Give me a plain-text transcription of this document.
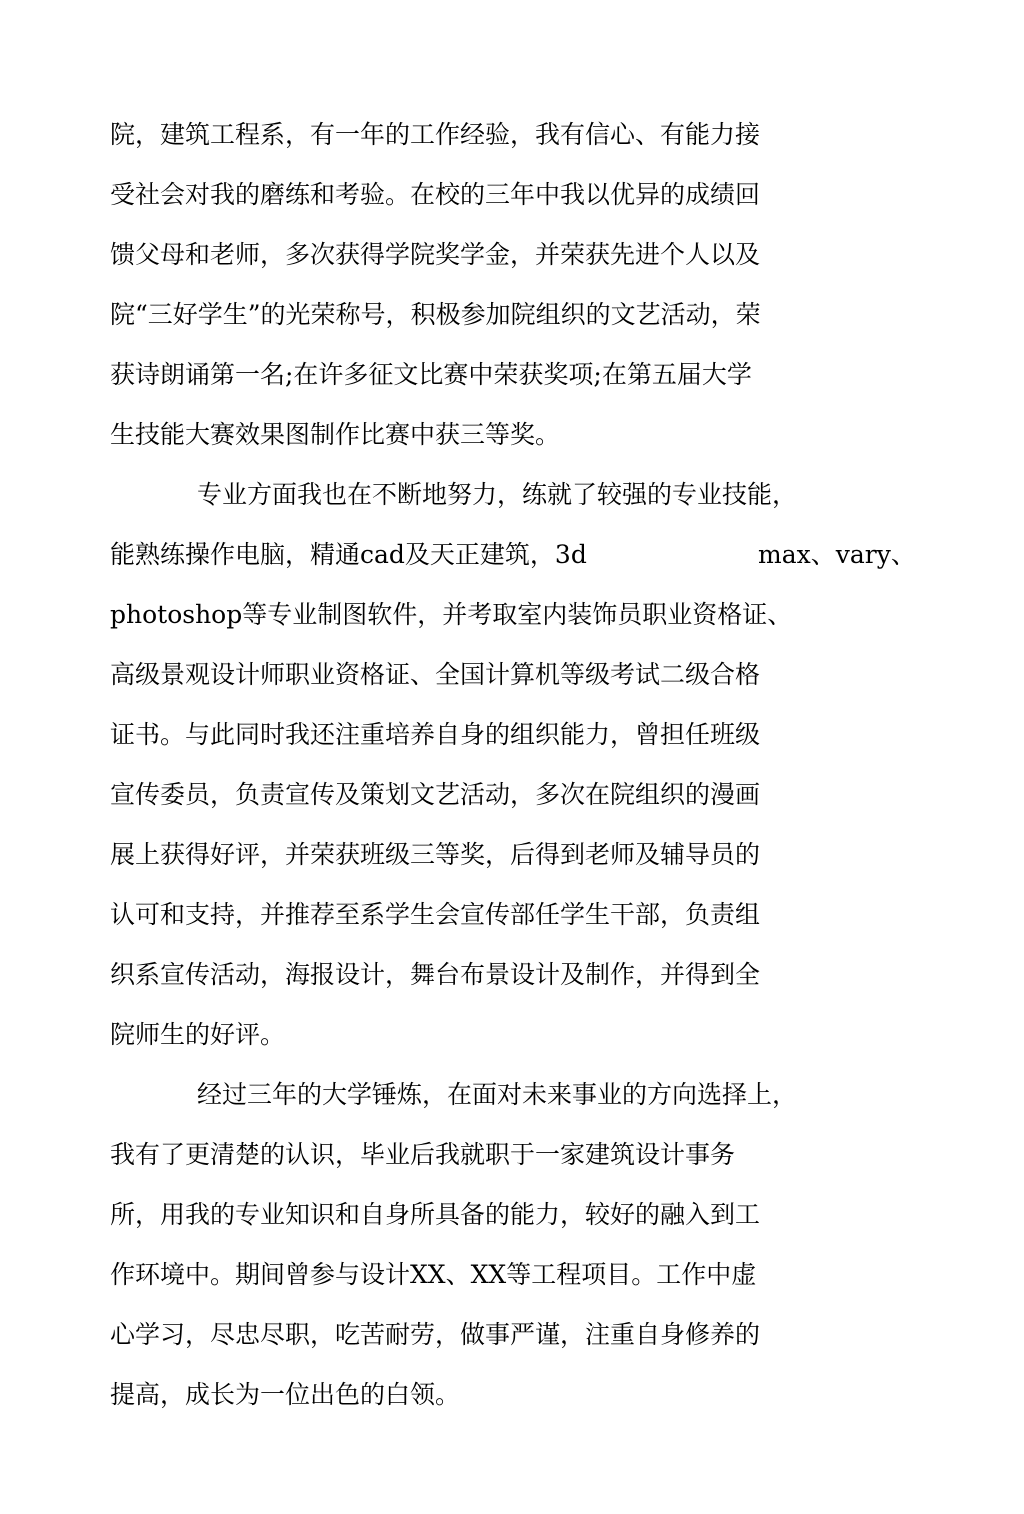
院，建筑工程系，有一年的工作经验，我有信心、有能力接
受社会对我的磨练和考验。在校的三年中我以优异的成绩回
馈父母和老师，多次获得学院奖学金，并荣获先进个人以及
院“三好学生”的光荣称号，积极参加院组织的文艺活动，荣
获诗朗诵第一名;在许多征文比赛中荣获奖项;在第五届大学
生技能大赛效果图制作比赛中获三等奖。
专业方面我也在不断地努力，练就了较强的专业技能，
能熟练操作电脑，精通cad及天正建筑，3d	max、vary、
photoshop等专业制图软件，并考取室内装饰员职业资格证、
高级景观设计师职业资格证、全国计算机等级考试二级合格
证书。与此同时我还注重培养自身的组织能力，曾担任班级
宣传委员，负责宣传及策划文艺活动，多次在院组织的漫画
展上获得好评，并荣获班级三等奖，后得到老师及辅导员的
认可和支持，并推荐至系学生会宣传部任学生干部，负责组
织系宣传活动，海报设计，舞台布景设计及制作，并得到全
院师生的好评。
经过三年的大学锤炼，在面对未来事业的方向选择上，
我有了更清楚的认识，毕业后我就职于一家建筑设计事务
所，用我的专业知识和自身所具备的能力，较好的融入到工
作环境中。期间曾参与设计XX、XX等工程项目。工作中虚
心学习，尽忠尽职，吃苦耐劳，做事严谨，注重自身修养的
提高，成长为一位出色的白领。
